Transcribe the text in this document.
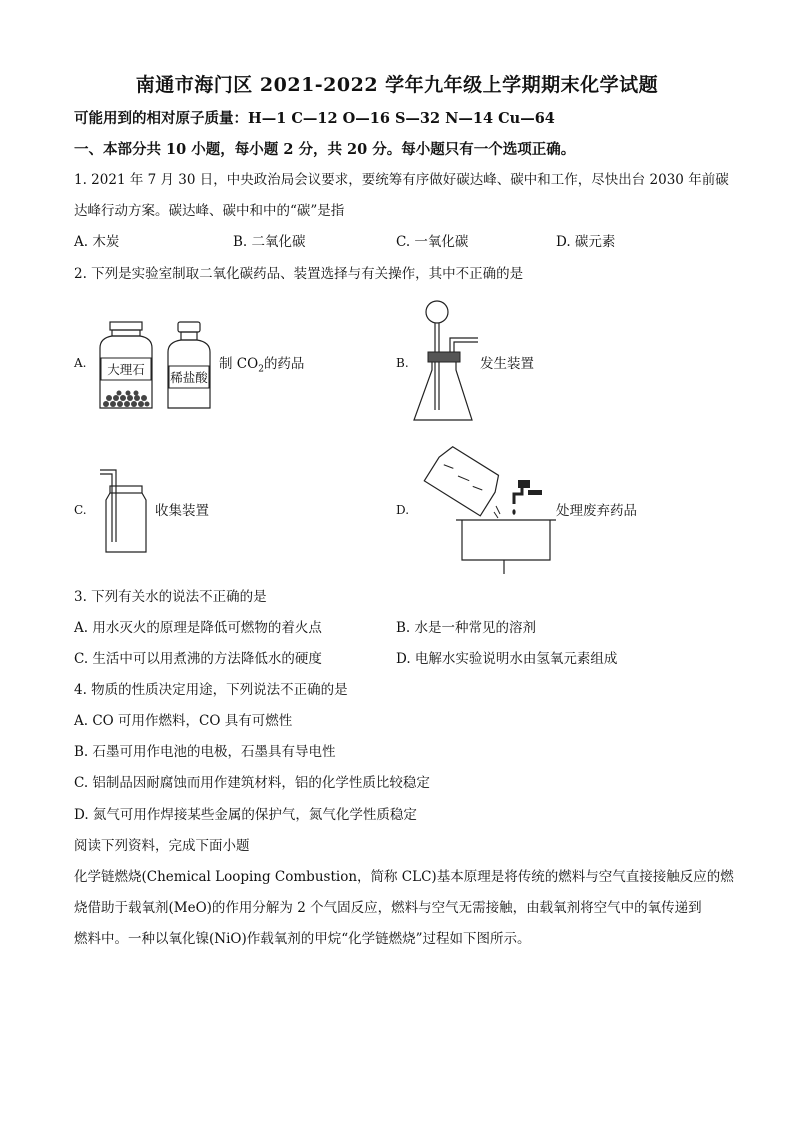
南通市海门区 2021-2022 学年九年级上学期期末化学试题
可能用到的相对原子质量：H—1 C—12 O—16 S—32 N—14 Cu—64
一、本部分共 10 小题，每小题 2 分，共 20 分。每小题只有一个选项正确。
1. 2021 年 7 月 30 日，中央政治局会议要求，要统筹有序做好碳达峰、碳中和工作，尽快出台 2030 年前碳
达峰行动方案。碳达峰、碳中和中的“碳”是指
A. 木炭	B. 二氧化碳	C. 一氧化碳	D. 碳元素
2. 下列是实验室制取二氧化碳药品、装置选择与有关操作，其中不正确的是
A. 大理石
稀盐酸
制 $CO_2$的药品	B.	发生装置
C.	收集装置	D.	处理废弃药品
3. 下列有关水的说法不正确的是
A. 用水灭火的原理是降低可燃物的着火点	B. 水是一种常见的溶剂
C. 生活中可以用煮沸的方法降低水的硬度	D. 电解水实验说明水由氢氧元素组成
4. 物质的性质决定用途，下列说法不正确的是
A. CO 可用作燃料，CO 具有可燃性
B. 石墨可用作电池的电极，石墨具有导电性
C. 铝制品因耐腐蚀而用作建筑材料，铝的化学性质比较稳定
D. 氮气可用作焊接某些金属的保护气，氮气化学性质稳定
阅读下列资料，完成下面小题
化学链燃烧(Chemical Looping Combustion，简称 CLC)基本原理是将传统的燃料与空气直接接触反应的燃
烧借助于载氧剂(MeO)的作用分解为 2 个气固反应，燃料与空气无需接触，由载氧剂将空气中的氧传递到
燃料中。一种以氧化镍(NiO)作载氧剂的甲烷“化学链燃烧”过程如下图所示。
